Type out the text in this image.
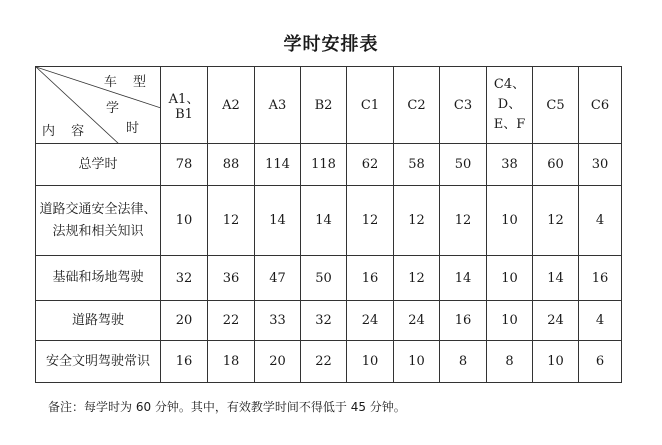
学时安排表
车 型
学
时
内 容	A1、B1	A2	A3	B2	C1	C2	C3	C4、D、E、F	C5	C6
总学时	78	88	114	118	62	58	50	38	60	30
道路交通安全法律、法规和相关知识	10	12	14	14	12	12	12	10	12	4
基础和场地驾驶	32	36	47	50	16	12	14	10	14	16
道路驾驶	20	22	33	32	24	24	16	10	24	4
安全文明驾驶常识	16	18	20	22	10	10	8	8	10	6
备注：每学时为 60 分钟。其中，有效教学时间不得低于 45 分钟。
